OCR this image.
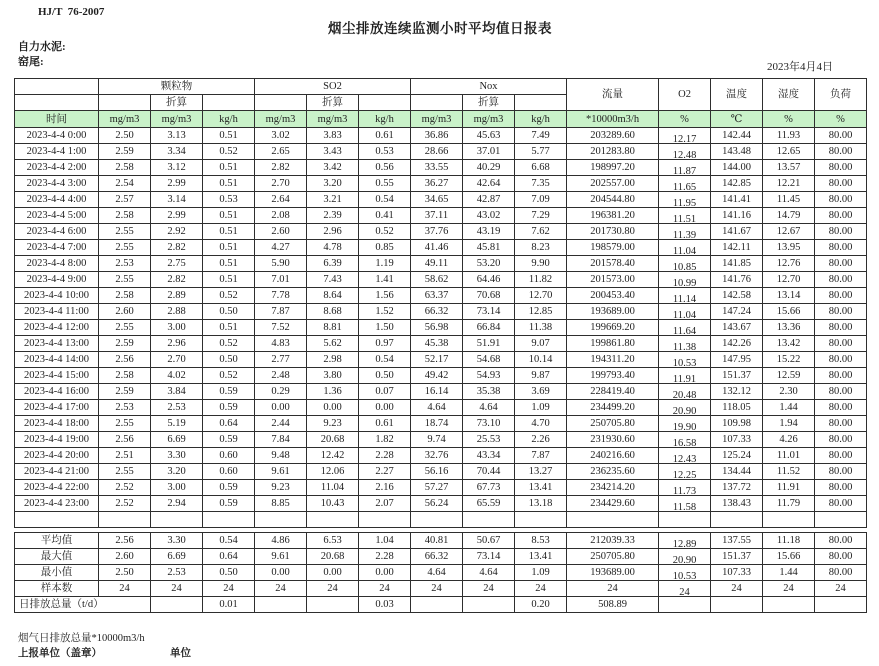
HJ/T  76-2007
烟尘排放连续监测小时平均值日报表
自力水泥:
窑尾:	2023年4月4日
	颗粒物			SO2			Nox			流量	O2	温度	湿度	负荷
		折算			折算			折算						
时间	mg/m3	mg/m3	kg/h	mg/m3	mg/m3	kg/h	mg/m3	mg/m3	kg/h	*10000m3/h	%	℃	%	%
2023-4-4 0:00	2.50	3.13	0.51	3.02	3.83	0.61	36.86	45.63	7.49	203289.60	12.17	142.44	11.93	80.00
2023-4-4 1:00	2.59	3.34	0.52	2.65	3.43	0.53	28.66	37.01	5.77	201283.80	12.48	143.48	12.65	80.00
2023-4-4 2:00	2.58	3.12	0.51	2.82	3.42	0.56	33.55	40.29	6.68	198997.20	11.87	144.00	13.57	80.00
2023-4-4 3:00	2.54	2.99	0.51	2.70	3.20	0.55	36.27	42.64	7.35	202557.00	11.65	142.85	12.21	80.00
2023-4-4 4:00	2.57	3.14	0.53	2.64	3.21	0.54	34.65	42.87	7.09	204544.80	11.95	141.41	11.45	80.00
2023-4-4 5:00	2.58	2.99	0.51	2.08	2.39	0.41	37.11	43.02	7.29	196381.20	11.51	141.16	14.79	80.00
2023-4-4 6:00	2.55	2.92	0.51	2.60	2.96	0.52	37.76	43.19	7.62	201730.80	11.39	141.67	12.67	80.00
2023-4-4 7:00	2.55	2.82	0.51	4.27	4.78	0.85	41.46	45.81	8.23	198579.00	11.04	142.11	13.95	80.00
2023-4-4 8:00	2.53	2.75	0.51	5.90	6.39	1.19	49.11	53.20	9.90	201578.40	10.85	141.85	12.76	80.00
2023-4-4 9:00	2.55	2.82	0.51	7.01	7.43	1.41	58.62	64.46	11.82	201573.00	10.99	141.76	12.70	80.00
2023-4-4 10:00	2.58	2.89	0.52	7.78	8.64	1.56	63.37	70.68	12.70	200453.40	11.14	142.58	13.14	80.00
2023-4-4 11:00	2.60	2.88	0.50	7.87	8.68	1.52	66.32	73.14	12.85	193689.00	11.04	147.24	15.66	80.00
2023-4-4 12:00	2.55	3.00	0.51	7.52	8.81	1.50	56.98	66.84	11.38	199669.20	11.64	143.67	13.36	80.00
2023-4-4 13:00	2.59	2.96	0.52	4.83	5.62	0.97	45.38	51.91	9.07	199861.80	11.38	142.26	13.42	80.00
2023-4-4 14:00	2.56	2.70	0.50	2.77	2.98	0.54	52.17	54.68	10.14	194311.20	10.53	147.95	15.22	80.00
2023-4-4 15:00	2.58	4.02	0.52	2.48	3.80	0.50	49.42	54.93	9.87	199793.40	11.91	151.37	12.59	80.00
2023-4-4 16:00	2.59	3.84	0.59	0.29	1.36	0.07	16.14	35.38	3.69	228419.40	20.48	132.12	2.30	80.00
2023-4-4 17:00	2.53	2.53	0.59	0.00	0.00	0.00	4.64	4.64	1.09	234499.20	20.90	118.05	1.44	80.00
2023-4-4 18:00	2.55	5.19	0.64	2.44	9.23	0.61	18.74	73.10	4.70	250705.80	19.90	109.98	1.94	80.00
2023-4-4 19:00	2.56	6.69	0.59	7.84	20.68	1.82	9.74	25.53	2.26	231930.60	16.58	107.33	4.26	80.00
2023-4-4 20:00	2.51	3.30	0.60	9.48	12.42	2.28	32.76	43.34	7.87	240216.60	12.43	125.24	11.01	80.00
2023-4-4 21:00	2.55	3.20	0.60	9.61	12.06	2.27	56.16	70.44	13.27	236235.60	12.25	134.44	11.52	80.00
2023-4-4 22:00	2.52	3.00	0.59	9.23	11.04	2.16	57.27	67.73	13.41	234214.20	11.73	137.72	11.91	80.00
2023-4-4 23:00	2.52	2.94	0.59	8.85	10.43	2.07	56.24	65.59	13.18	234429.60	11.58	138.43	11.79	80.00

平均值	2.56	3.30	0.54	4.86	6.53	1.04	40.81	50.67	8.53	212039.33	12.89	137.55	11.18	80.00
最大值	2.60	6.69	0.64	9.61	20.68	2.28	66.32	73.14	13.41	250705.80	20.90	151.37	15.66	80.00
最小值	2.50	2.53	0.50	0.00	0.00	0.00	4.64	4.64	1.09	193689.00	10.53	107.33	1.44	80.00
样本数	24	24	24	24	24	24	24	24	24	24	24	24	24	24
日排放总量（t/d）			0.01			0.03			0.20	508.89				
烟气日排放总量*10000m3/h
上报单位（盖章）	单位
